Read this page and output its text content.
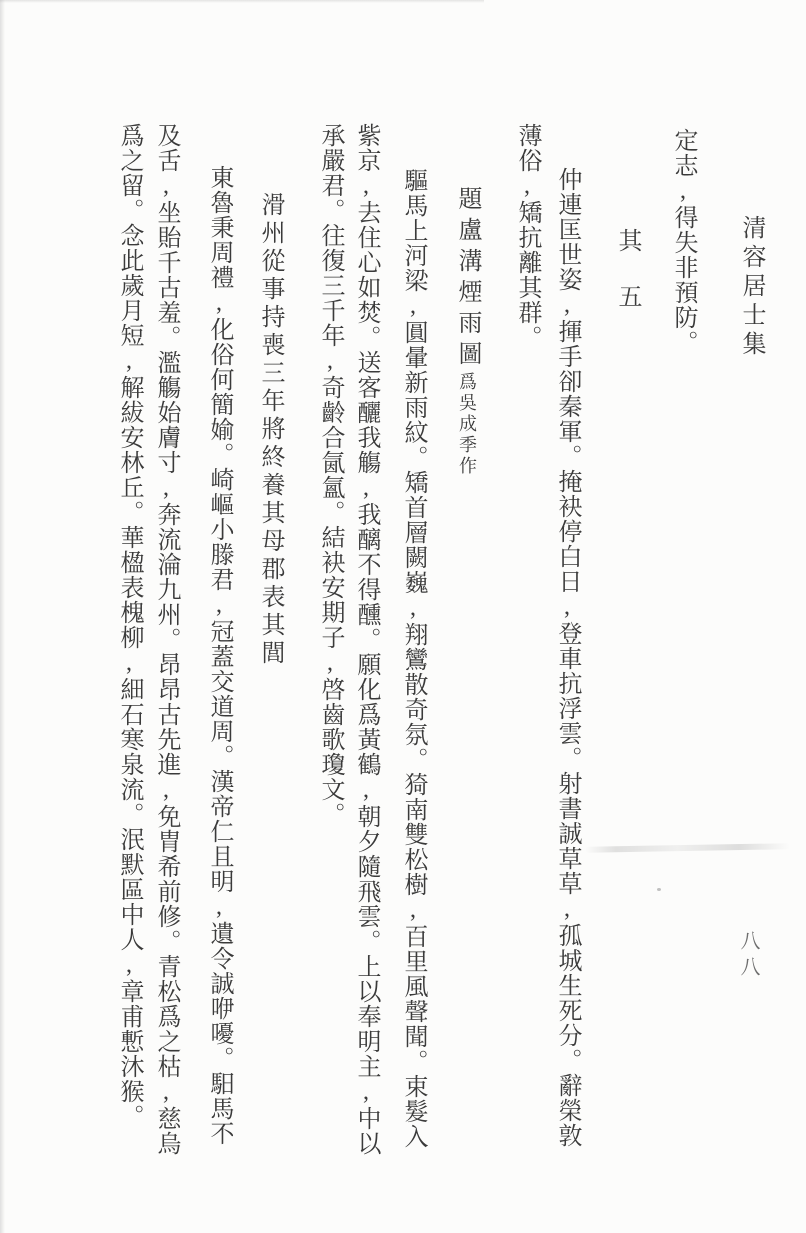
清容居士集
定志,得失非預防。
其五
仲連匡世姿,揮手卻秦軍。掩袂停白日,登車抗浮雲。射書誠草草,孤城生死分。辭榮敦
薄俗,矯抗離其群。
題盧溝煙雨圖爲吳成季作
驅馬上河梁,圓暈新雨紋。矯首層闕巍,翔鸞散奇氛。猗南雙松樹,百里風聲聞。束髮入
紫京,去住心如焚。送客釃我觴,我醨不得醺。願化爲黃鶴,朝夕隨飛雲。上以奉明主,中以
承嚴君。往復三千年,奇齡合氤氳。結袂安期子,啓齒歌瓊文。
滑州從事持喪三年將終養其母郡表其閭
東魯秉周禮,化俗何簡媮。崎嶇小滕君,冠蓋交道周。漢帝仁且明,遺令誠咿嚘。馹馬不
及舌,坐貽千古羞。濫觴始膚寸,奔流淪九州。昂昂古先進,免胄希前修。青松爲之枯,慈烏
爲之留。念此歲月短,解紱安林丘。華楹表槐柳,細石寒泉流。泯默區中人,章甫慙沐猴。	八八
